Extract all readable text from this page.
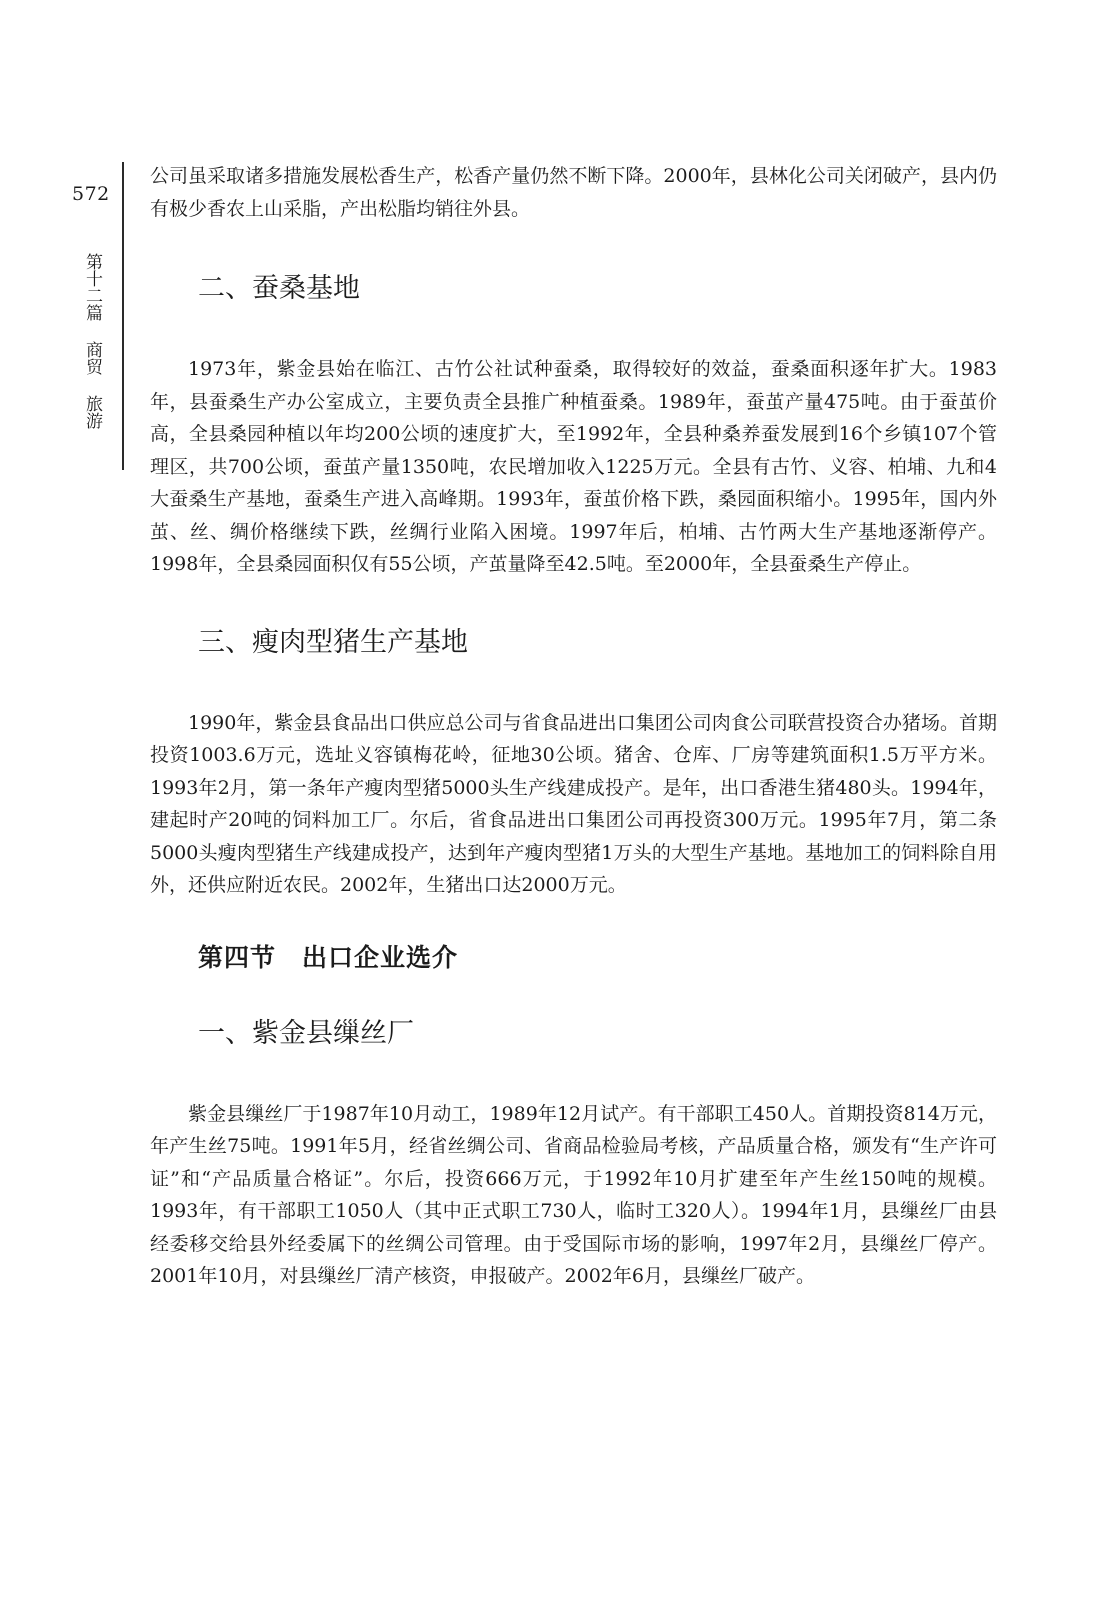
572
第十二篇 商贸 旅游

公司虽采取诸多措施发展松香生产，松香产量仍然不断下降。2000年，县林化公司关闭破产，县内仍有极少香农上山采脂，产出松脂均销往外县。

二、蚕桑基地

1973年，紫金县始在临江、古竹公社试种蚕桑，取得较好的效益，蚕桑面积逐年扩大。1983年，县蚕桑生产办公室成立，主要负责全县推广种植蚕桑。1989年，蚕茧产量475吨。由于蚕茧价高，全县桑园种植以年均200公顷的速度扩大，至1992年，全县种桑养蚕发展到16个乡镇107个管理区，共700公顷，蚕茧产量1350吨，农民增加收入1225万元。全县有古竹、义容、柏埔、九和4大蚕桑生产基地，蚕桑生产进入高峰期。1993年，蚕茧价格下跌，桑园面积缩小。1995年，国内外茧、丝、绸价格继续下跌，丝绸行业陷入困境。1997年后，柏埔、古竹两大生产基地逐渐停产。1998年，全县桑园面积仅有55公顷，产茧量降至42.5吨。至2000年，全县蚕桑生产停止。

三、瘦肉型猪生产基地

1990年，紫金县食品出口供应总公司与省食品进出口集团公司肉食公司联营投资合办猪场。首期投资1003.6万元，选址义容镇梅花岭，征地30公顷。猪舍、仓库、厂房等建筑面积1.5万平方米。1993年2月，第一条年产瘦肉型猪5000头生产线建成投产。是年，出口香港生猪480头。1994年，建起时产20吨的饲料加工厂。尔后，省食品进出口集团公司再投资300万元。1995年7月，第二条5000头瘦肉型猪生产线建成投产，达到年产瘦肉型猪1万头的大型生产基地。基地加工的饲料除自用外，还供应附近农民。2002年，生猪出口达2000万元。

第四节　出口企业选介
一、紫金县缫丝厂

紫金县缫丝厂于1987年10月动工，1989年12月试产。有干部职工450人。首期投资814万元，年产生丝75吨。1991年5月，经省丝绸公司、省商品检验局考核，产品质量合格，颁发有“生产许可证”和“产品质量合格证”。尔后，投资666万元，于1992年10月扩建至年产生丝150吨的规模。1993年，有干部职工1050人（其中正式职工730人，临时工320人）。1994年1月，县缫丝厂由县经委移交给县外经委属下的丝绸公司管理。由于受国际市场的影响，1997年2月，县缫丝厂停产。2001年10月，对县缫丝厂清产核资，申报破产。2002年6月，县缫丝厂破产。
